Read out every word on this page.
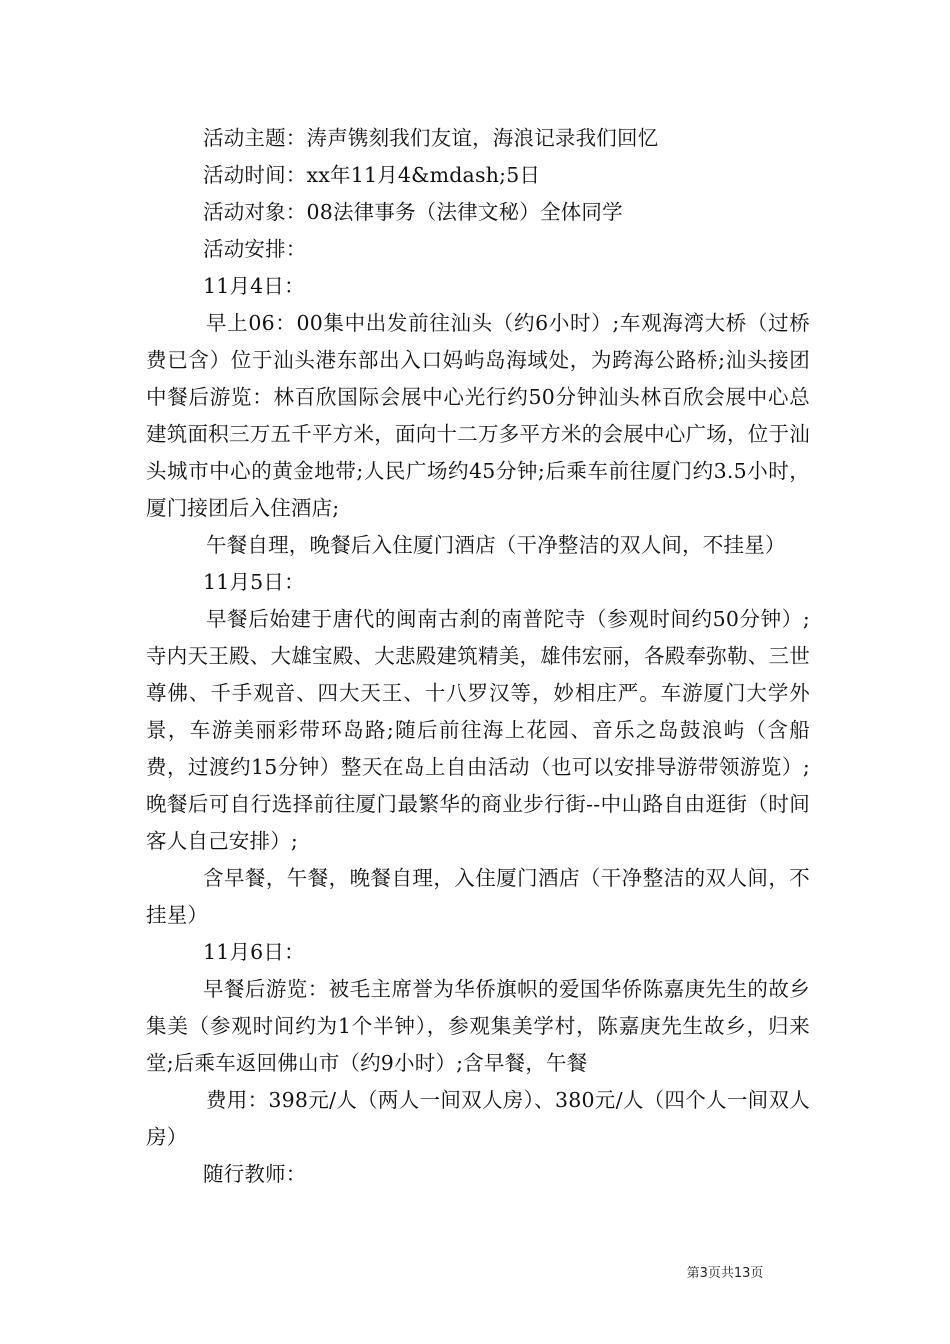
活动主题：涛声镌刻我们友谊，海浪记录我们回忆
活动时间：xx年11月4&mdash;5日
活动对象：08法律事务（法律文秘）全体同学
活动安排：
11月4日：

早上06：00集中出发前往汕头（约6小时）;车观海湾大桥（过桥费已含）位于汕头港东部出入口妈屿岛海域处，为跨海公路桥;汕头接团中餐后游览：林百欣国际会展中心光行约50分钟汕头林百欣会展中心总建筑面积三万五千平方米，面向十二万多平方米的会展中心广场，位于汕头城市中心的黄金地带;人民广场约45分钟;后乘车前往厦门约3.5小时，厦门接团后入住酒店;

午餐自理，晚餐后入住厦门酒店（干净整洁的双人间，不挂星）

11月5日：

早餐后始建于唐代的闽南古刹的南普陀寺（参观时间约50分钟）;寺内天王殿、大雄宝殿、大悲殿建筑精美，雄伟宏丽，各殿奉弥勒、三世尊佛、千手观音、四大天王、十八罗汉等，妙相庄严。车游厦门大学外景，车游美丽彩带环岛路;随后前往海上花园、音乐之岛鼓浪屿（含船费，过渡约15分钟）整天在岛上自由活动（也可以安排导游带领游览）;晚餐后可自行选择前往厦门最繁华的商业步行街--中山路自由逛街（时间客人自己安排）;

含早餐，午餐，晚餐自理，入住厦门酒店（干净整洁的双人间，不挂星）

11月6日：

早餐后游览：被毛主席誉为华侨旗帜的爱国华侨陈嘉庚先生的故乡集美（参观时间约为1个半钟），参观集美学村，陈嘉庚先生故乡，归来堂;后乘车返回佛山市（约9小时）;含早餐，午餐

费用：398元/人（两人一间双人房）、380元/人（四个人一间双人房）

随行教师：
第3页共13页
